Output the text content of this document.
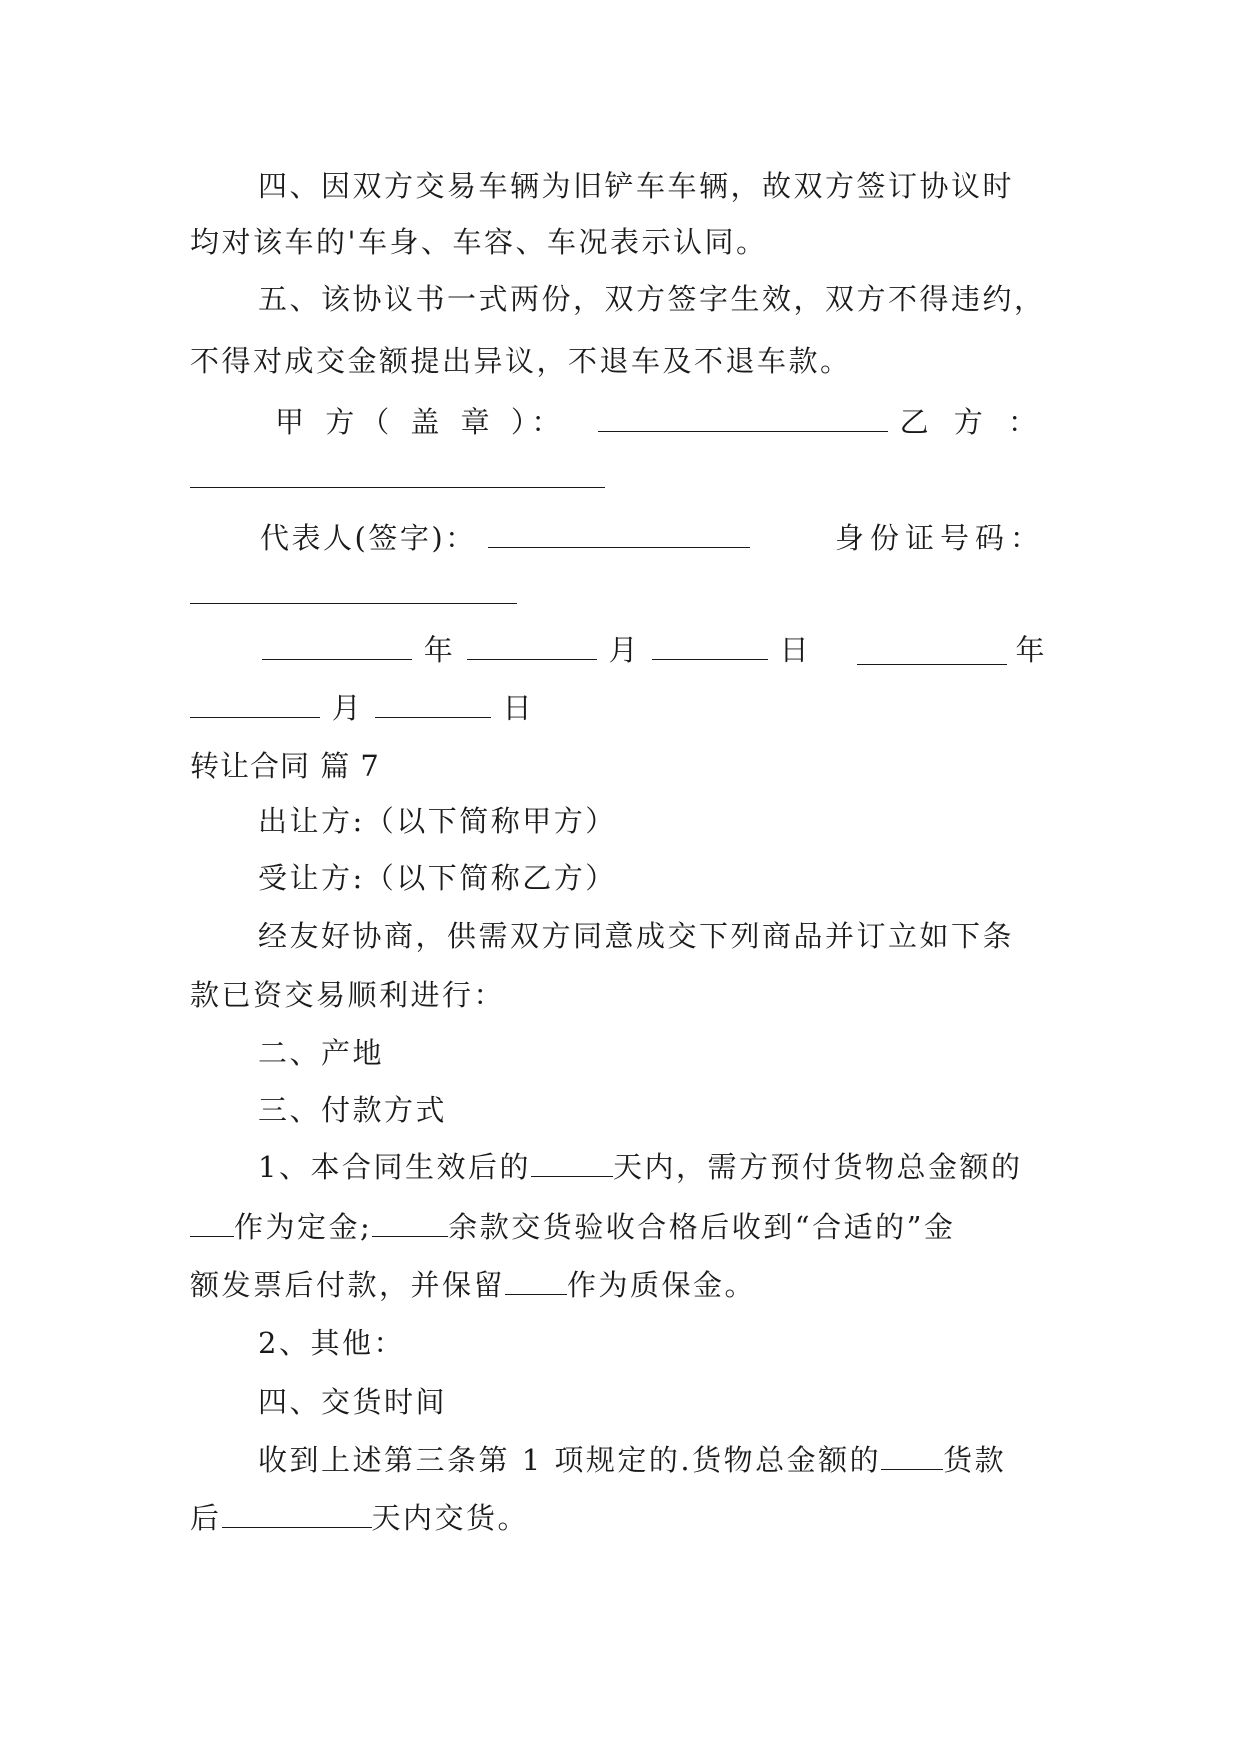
四、因双方交易车辆为旧铲车车辆，故双方签订协议时
均对该车的'车身、车容、车况表示认同。
五、该协议书一式两份，双方签字生效，双方不得违约，
不得对成交金额提出异议，不退车及不退车款。
甲 方（ 盖 章 ）：	乙 方 ：
代表人(签字)：	身份证号码：
年	月	日	年
月	日
转让合同 篇 7
出让方:（以下简称甲方）
受让方:（以下简称乙方）
经友好协商，供需双方同意成交下列商品并订立如下条
款已资交易顺利进行：
二、产地
三、付款方式
1、本合同生效后的	天内，需方预付货物总金额的
作为定金;	余款交货验收合格后收到“合适的”金
额发票后付款，并保留 作为质保金。
2、其他：
四、交货时间
收到上述第三条第 1 项规定的.货物总金额的 货款
后	天内交货。
